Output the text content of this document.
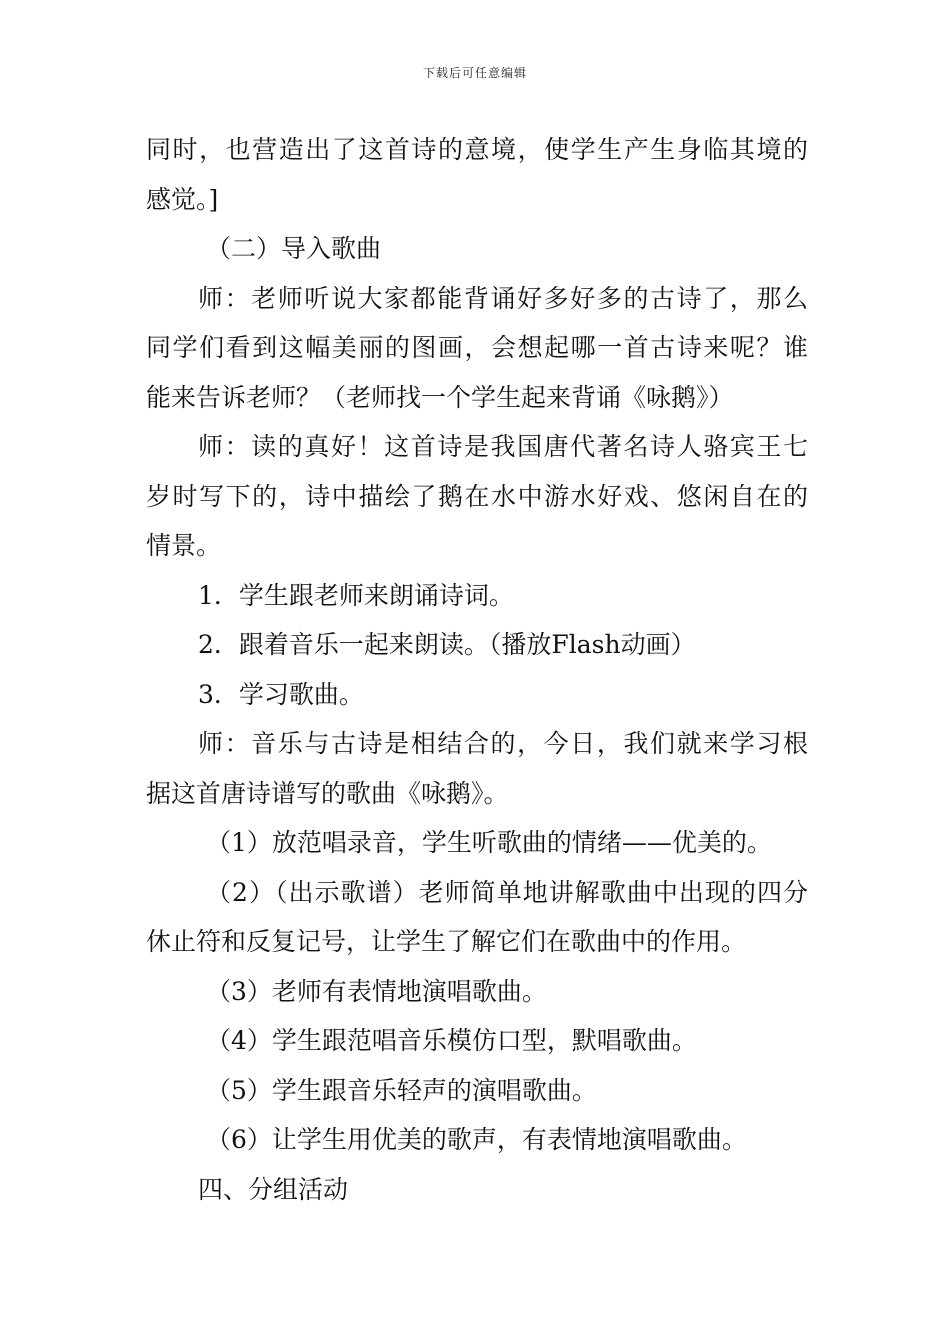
下载后可任意编辑
同时，也营造出了这首诗的意境，使学生产生身临其境的
感觉。]
（二）导入歌曲
师：老师听说大家都能背诵好多好多的古诗了，那么
同学们看到这幅美丽的图画，会想起哪一首古诗来呢？谁
能来告诉老师？（老师找一个学生起来背诵《咏鹅》）
师：读的真好！这首诗是我国唐代著名诗人骆宾王七
岁时写下的，诗中描绘了鹅在水中游水好戏、悠闲自在的
情景。
1．学生跟老师来朗诵诗词。
2．跟着音乐一起来朗读。（播放Flash动画）
3．学习歌曲。
师：音乐与古诗是相结合的，今日，我们就来学习根
据这首唐诗谱写的歌曲《咏鹅》。
（1）放范唱录音，学生听歌曲的情绪——优美的。
（2）（出示歌谱）老师简单地讲解歌曲中出现的四分
休止符和反复记号，让学生了解它们在歌曲中的作用。
（3）老师有表情地演唱歌曲。
（4）学生跟范唱音乐模仿口型，默唱歌曲。
（5）学生跟音乐轻声的演唱歌曲。
（6）让学生用优美的歌声，有表情地演唱歌曲。
四、分组活动
